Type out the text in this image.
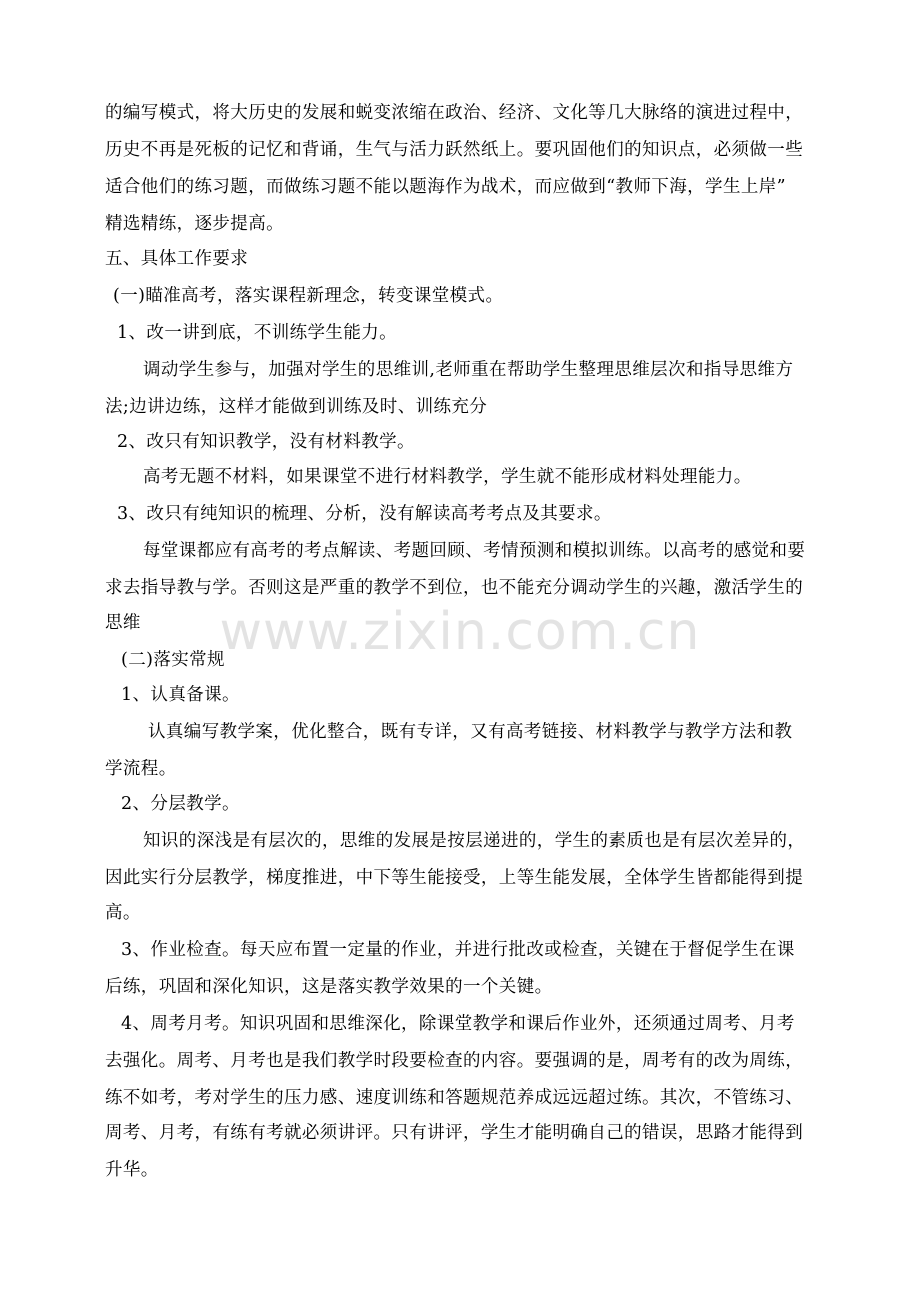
www.zixin.com.cn
的编写模式，将大历史的发展和蜕变浓缩在政治、经济、文化等几大脉络的演进过程中，
历史不再是死板的记忆和背诵，生气与活力跃然纸上。要巩固他们的知识点，必须做一些
适合他们的练习题，而做练习题不能以题海作为战术，而应做到“教师下海，学生上岸”
精选精练，逐步提高。
五、具体工作要求
(一)瞄准高考，落实课程新理念，转变课堂模式。
1、改一讲到底，不训练学生能力。
调动学生参与，加强对学生的思维训,老师重在帮助学生整理思维层次和指导思维方
法;边讲边练，这样才能做到训练及时、训练充分
2、改只有知识教学，没有材料教学。
高考无题不材料，如果课堂不进行材料教学，学生就不能形成材料处理能力。
3、改只有纯知识的梳理、分析，没有解读高考考点及其要求。
每堂课都应有高考的考点解读、考题回顾、考情预测和模拟训练。以高考的感觉和要
求去指导教与学。否则这是严重的教学不到位，也不能充分调动学生的兴趣，激活学生的
思维
(二)落实常规
1、认真备课。
认真编写教学案，优化整合，既有专详，又有高考链接、材料教学与教学方法和教
学流程。
2、分层教学。
知识的深浅是有层次的，思维的发展是按层递进的，学生的素质也是有层次差异的，
因此实行分层教学，梯度推进，中下等生能接受，上等生能发展，全体学生皆都能得到提
高。
3、作业检查。每天应布置一定量的作业，并进行批改或检查，关键在于督促学生在课
后练，巩固和深化知识，这是落实教学效果的一个关键。
4、周考月考。知识巩固和思维深化，除课堂教学和课后作业外，还须通过周考、月考
去强化。周考、月考也是我们教学时段要检查的内容。要强调的是，周考有的改为周练，
练不如考，考对学生的压力感、速度训练和答题规范养成远远超过练。其次，不管练习、
周考、月考，有练有考就必须讲评。只有讲评，学生才能明确自己的错误，思路才能得到
升华。
